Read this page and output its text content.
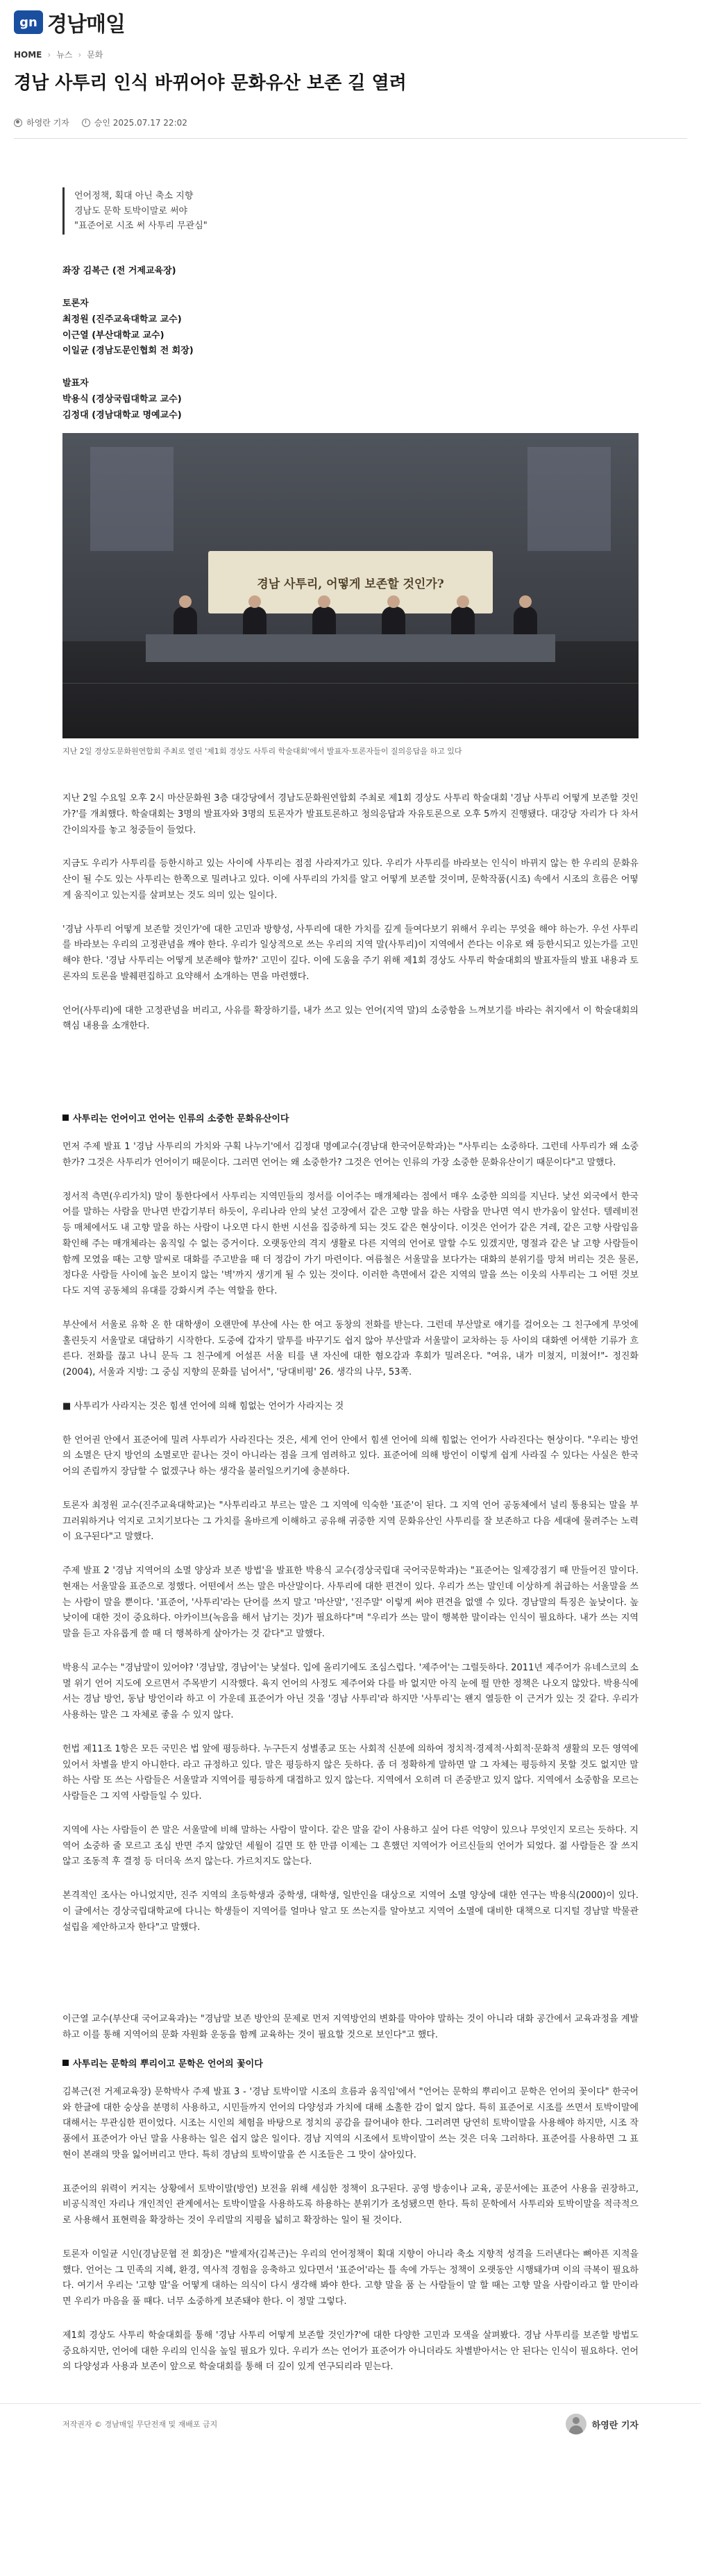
gn 경남매일
HOME › 뉴스 › 문화
경남 사투리 인식 바뀌어야 문화유산 보존 길 열려
하영란 기자	승인 2025.07.17 22:02
언어정책, 획대 아닌 축소 지향
경남도 문학 토박이말로 써야
"표준어로 시조 써 사투리 무관심"
좌장 김복근 (전 거제교육장)
토론자
최정원 (진주교육대학교 교수)
이근열 (부산대학교 교수)
이일균 (경남도문인협회 전 회장)
발표자
박용식 (경상국립대학교 교수)
김정대 (경남대학교 명예교수)
경남 사투리, 어떻게 보존할 것인가?
지난 2일 경상도문화원연합회 주최로 열린 '제1회 경상도 사투리 학술대회'에서 발표자·토론자들이 질의응답을 하고 있다

지난 2일 수요일 오후 2시 마산문화원 3층 대강당에서 경남도문화원연합회 주최로 제1회 경상도 사투리 학술대회 '경남 사투리 어떻게 보존할 것인가?'를 개최했다. 학술대회는 3명의 발표자와 3명의 토론자가 발표토론하고 청의응답과 자유토론으로 오후 5까지 진행됐다. 대강당 자리가 다 차서 간이의자를 놓고 청중들이 들었다.

지금도 우리가 사투리를 등한시하고 있는 사이에 사투리는 점점 사라져가고 있다. 우리가 사투리를 바라보는 인식이 바뀌지 않는 한 우리의 문화유산이 될 수도 있는 사투리는 한쪽으로 밀려나고 있다. 이에 사투리의 가치를 알고 어떻게 보존할 것이며, 문학작품(시조) 속에서 시조의 흐름은 어떻게 움직이고 있는지를 살펴보는 것도 의미 있는 일이다.

'경남 사투리 어떻게 보존할 것인가'에 대한 고민과 방향성, 사투리에 대한 가치를 깊게 들여다보기 위해서 우리는 무엇을 해야 하는가. 우선 사투리를 바라보는 우리의 고정관념을 깨야 한다. 우리가 일상적으로 쓰는 우리의 지역 말(사투리)이 지역에서 쓴다는 이유로 왜 등한시되고 있는가를 고민해야 한다. '경남 사투리는 어떻게 보존해야 할까?' 고민이 깊다. 이에 도움을 주기 위해 제1회 경상도 사투리 학술대회의 발표자들의 발표 내용과 토론자의 토론을 발췌편집하고 요약해서 소개하는 면을 마련했다.

언어(사투리)에 대한 고정관념을 버리고, 사유를 확장하기를, 내가 쓰고 있는 언어(지역 말)의 소중함을 느껴보기를 바라는 취지에서 이 학술대회의 핵심 내용을 소개한다.

사투리는 언어이고 언어는 인류의 소중한 문화유산이다

먼저 주제 발표 1 '경남 사투리의 가치와 구획 나누기'에서 김정대 명예교수(경남대 한국어문학과)는 "사투리는 소중하다. 그런데 사투리가 왜 소중한가? 그것은 사투리가 언어이기 때문이다. 그러면 언어는 왜 소중한가? 그것은 언어는 인류의 가장 소중한 문화유산이기 때문이다"고 말했다.

정서적 측면(우리가치) 말이 통한다에서 사투리는 지역민들의 정서를 이어주는 매개체라는 점에서 매우 소중한 의의를 지닌다. 낯선 외국에서 한국어를 말하는 사람을 만나면 반갑기부터 하듯이, 우리나라 안의 낯선 고장에서 같은 고향 말을 하는 사람을 만나면 역시 반가움이 앞선다. 텔레비전 등 매체에서도 내 고향 말을 하는 사람이 나오면 다시 한번 시선을 집중하게 되는 것도 같은 현상이다. 이것은 언어가 같은 겨레, 같은 고향 사람임을 확인해 주는 매개체라는 움직일 수 없는 증거이다. 오랫동안의 격지 생활로 다른 지역의 언어로 말할 수도 있겠지만, 명절과 같은 날 고향 사람들이 함께 모였을 때는 고향 말씨로 대화를 주고받을 때 더 정감이 가기 마련이다. 여름철은 서울말을 보다가는 대화의 분위기를 망쳐 버리는 것은 물론, 정다운 사람들 사이에 높은 보이지 않는 '벽'까지 생기게 될 수 있는 것이다. 이러한 측면에서 같은 지역의 말을 쓰는 이웃의 사투리는 그 어떤 것보다도 지역 공동체의 유대를 강화시켜 주는 역할을 한다.

부산에서 서울로 유학 온 한 대학생이 오랜만에 부산에 사는 한 여고 동창의 전화를 받는다. 그런데 부산말로 얘기를 걸어오는 그 친구에게 무엇에 홀린듯지 서울말로 대답하기 시작한다. 도중에 갑자기 말투를 바꾸기도 쉽지 않아 부산말과 서울말이 교차하는 등 사이의 대화엔 어색한 기류가 흐른다. 전화를 끊고 나니 문득 그 친구에게 어설픈 서울 티를 낸 자신에 대한 혐오감과 후회가 밀려온다. "여유, 내가 미쳤지, 미쳤어!"- 정진화(2004), 서울과 지방: 그 중심 지향의 문화를 넘어서", '당대비평' 26. 생각의 나무, 53쪽.

■ 사투리가 사라지는 것은 힘센 언어에 의해 힘없는 언어가 사라지는 것

한 언어권 안에서 표준어에 밀려 사투리가 사라진다는 것은, 세계 언어 안에서 힘센 언어에 의해 힘없는 언어가 사라진다는 현상이다. "우리는 방언의 소멸은 단지 방언의 소멸로만 끝나는 것이 아니라는 점을 크게 염려하고 있다. 표준어에 의해 방언이 이렇게 쉽게 사라질 수 있다는 사실은 한국어의 존립까지 장담할 수 없겠구나 하는 생각을 불러일으키기에 충분하다.

토론자 최정원 교수(진주교육대학교)는 "사투리라고 부르는 말은 그 지역에 익숙한 '표준'이 된다. 그 지역 언어 공동체에서 널리 통용되는 말을 부끄러워하거나 억지로 고치기보다는 그 가치를 올바르게 이해하고 공유해 귀중한 지역 문화유산인 사투리를 잘 보존하고 다음 세대에 물려주는 노력이 요구된다"고 말했다.

주제 발표 2 '경남 지역어의 소멸 양상과 보존 방법'을 발표한 박용식 교수(경상국립대 국어국문학과)는 "표준어는 일제강점기 때 만들어진 말이다. 현재는 서울말을 표준으로 정했다. 어떤에서 쓰는 말은 마산말이다. 사투리에 대한 편견이 있다. 우리가 쓰는 말인데 이상하게 취급하는 서울말을 쓰는 사람이 말을 뿐이다. '표준어, '사투리'라는 단어를 쓰지 말고 '마산말', '진주말' 이렇게 써야 편견을 없앨 수 있다. 경남말의 특징은 높낮이다. 높낮이에 대한 것이 중요하다. 아카이브(녹음을 해서 남기는 것)가 필요하다"며 "우리가 쓰는 말이 행복한 말이라는 인식이 필요하다. 내가 쓰는 지역 말을 듣고 자유롭게 쓸 때 더 행복하게 살아가는 것 같다"고 말했다.

박용식 교수는 "경남말이 있어야? '경남말, 경남어'는 낯설다. 입에 올리기에도 조심스럽다. '제주어'는 그럴듯하다. 2011년 제주어가 유네스코의 소멸 위기 언어 지도에 오르면서 주목받기 시작했다. 육지 언어의 사정도 제주어와 다를 바 없지만 아직 눈에 띌 만한 정책은 나오지 않았다. 박용식에서는 경남 방언, 동남 방언이라 하고 이 가운데 표준어가 아닌 것을 '경남 사투리'라 하지만 '사투리'는 왠지 열등한 이 근거가 있는 것 같다. 우리가 사용하는 말은 그 자체로 좋을 수 있지 않다.

헌법 제11조 1항은 모든 국민은 법 앞에 평등하다. 누구든지 성별종교 또는 사회적 신분에 의하여 정치적·경제적·사회적·문화적 생활의 모든 영역에 있어서 차별을 받지 아니한다. 라고 규정하고 있다. 말은 평등하지 않은 듯하다. 좀 더 정확하게 말하면 말 그 자체는 평등하지 못할 것도 없지만 말하는 사람 또 쓰는 사람들은 서울말과 지역어를 평등하게 대접하고 있지 않는다. 지역에서 오히려 더 존중받고 있지 않다. 지역에서 소중함을 모르는 사람들은 그 지역 사람들일 수 있다.

지역에 사는 사람들이 쓴 말은 서울말에 비해 말하는 사람이 말이다. 같은 말을 같이 사용하고 싶어 다른 억양이 있으나 무엇인지 모르는 듯하다. 지역어 소중하 줄 모르고 조심 반면 주지 않았던 세월이 길면 또 한 만큼 이제는 그 흔했던 지역어가 어르신들의 언어가 되었다. 젊 사람들은 잘 쓰지 않고 조동적 후 결정 등 더더욱 쓰지 않는다. 가르치지도 않는다.

본격적인 조사는 아니었지만, 진주 지역의 초등학생과 중학생, 대학생, 일반인을 대상으로 지역어 소멸 양상에 대한 연구는 박용식(2000)이 있다. 이 글에서는 경상국립대학교에 다니는 학생들이 지역어를 얼마나 알고 또 쓰는지를 알아보고 지역어 소멸에 대비한 대책으로 디지털 경남말 박물관 설립을 제안하고자 한다"고 말했다.

이근열 교수(부산대 국어교육과)는 "경남말 보존 방안의 문제로 먼저 지역방언의 변화를 막아야 말하는 것이 아니라 대화 공간에서 교육과정을 계발하고 이를 통해 지역어의 문화 자원화 운동을 함께 교육하는 것이 필요할 것으로 보인다"고 했다.

사투리는 문학의 뿌리이고 문학은 언어의 꽃이다

김복근(전 거제교육장) 문학박사 주제 발표 3 - '경남 토박이말 시조의 흐름과 움직임'에서 "언어는 문학의 뿌리이고 문학은 언어의 꽃이다" 한국어와 한글에 대한 숭상을 분명히 사용하고, 시민들까지 언어의 다양성과 가치에 대해 소홀한 감이 없지 않다. 특히 표준어로 시조를 쓰면서 토박이말에 대해서는 무관심한 편이었다. 시조는 시인의 체험을 바탕으로 정치의 공감을 끌어내야 한다. 그러려면 당연히 토박이말을 사용해야 하지만, 시조 작품에서 표준어가 아닌 말을 사용하는 일은 쉽지 않은 일이다. 경남 지역의 시조에서 토박이말이 쓰는 것은 더욱 그러하다. 표준어를 사용하면 그 표현이 본래의 맛을 잃어버리고 만다. 특히 경남의 토박이말을 쓴 시조들은 그 맛이 살아있다.

표준어의 위력이 커지는 상황에서 토박이말(방언) 보전을 위해 세심한 정책이 요구된다. 공영 방송이나 교육, 공문서에는 표준어 사용을 권장하고, 비공식적인 자리나 개인적인 관계에서는 토박이말을 사용하도록 하용하는 분위기가 조성됐으면 한다. 특히 문학에서 사투리와 토박이말을 적극적으로 사용해서 표현력을 확장하는 것이 우리말의 지평을 넓히고 확장하는 일이 될 것이다.

토론자 이일균 시인(경남문협 전 회장)은 "발제자(김복근)는 우리의 언어정책이 획대 지향이 아니라 축소 지향적 성격을 드러낸다는 뼈아픈 지적을 했다. 언어는 그 민족의 지혜, 환경, 역사적 경험을 응축하고 있다면서 '표준어'라는 틀 속에 가두는 정책이 오랫동안 시행돼가며 이의 극복이 필요하다. 여기서 우리는 '고향 말'을 어떻게 대하는 의식이 다시 생각해 봐야 한다. 고향 말을 품 는 사람들이 말 할 때는 고향 말을 사람이라고 할 만이라면 우리가 마음을 풀 때다. 너무 소중하게 보존돼야 한다. 이 정말 그렇다.

제1회 경상도 사투리 학술대회를 통해 '경남 사투리 어떻게 보존할 것인가?'에 대한 다양한 고민과 모색을 살펴봤다. 경남 사투리를 보존할 방법도 중요하지만, 언어에 대한 우리의 인식을 높일 필요가 있다. 우리가 쓰는 언어가 표준어가 아니더라도 차별받아서는 안 된다는 인식이 필요하다. 언어의 다양성과 사용과 보존이 앞으로 학술대회를 통해 더 깊이 있게 연구되리라 믿는다.

저작권자 © 경남매일 무단전재 및 재배포 금지	하영란 기자
